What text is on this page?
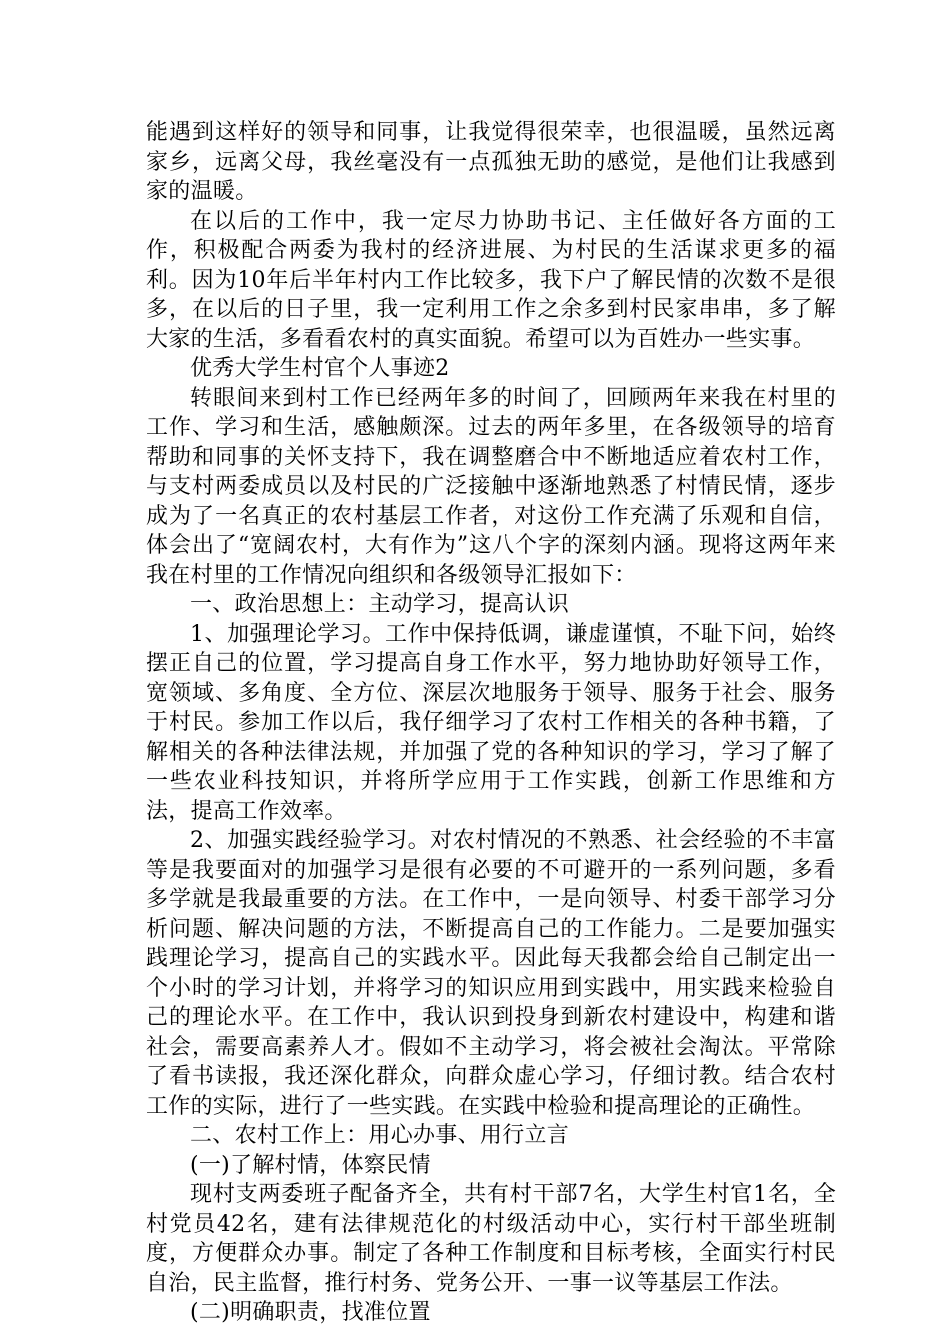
能遇到这样好的领导和同事，让我觉得很荣幸，也很温暖，虽然远离家乡，远离父母，我丝毫没有一点孤独无助的感觉，是他们让我感到家的温暖。

在以后的工作中，我一定尽力协助书记、主任做好各方面的工作，积极配合两委为我村的经济进展、为村民的生活谋求更多的福利。因为10年后半年村内工作比较多，我下户了解民情的次数不是很多，在以后的日子里，我一定利用工作之余多到村民家串串，多了解大家的生活，多看看农村的真实面貌。希望可以为百姓办一些实事。

优秀大学生村官个人事迹2

转眼间来到村工作已经两年多的时间了，回顾两年来我在村里的工作、学习和生活，感触颇深。过去的两年多里，在各级领导的培育帮助和同事的关怀支持下，我在调整磨合中不断地适应着农村工作，与支村两委成员以及村民的广泛接触中逐渐地熟悉了村情民情，逐步成为了一名真正的农村基层工作者，对这份工作充满了乐观和自信，体会出了“宽阔农村，大有作为”这八个字的深刻内涵。现将这两年来我在村里的工作情况向组织和各级领导汇报如下：

一、政治思想上：主动学习，提高认识

1、加强理论学习。工作中保持低调，谦虚谨慎，不耻下问，始终摆正自己的位置，学习提高自身工作水平，努力地协助好领导工作，宽领域、多角度、全方位、深层次地服务于领导、服务于社会、服务于村民。参加工作以后，我仔细学习了农村工作相关的各种书籍，了解相关的各种法律法规，并加强了党的各种知识的学习，学习了解了一些农业科技知识，并将所学应用于工作实践，创新工作思维和方法，提高工作效率。

2、加强实践经验学习。对农村情况的不熟悉、社会经验的不丰富等是我要面对的加强学习是很有必要的不可避开的一系列问题，多看多学就是我最重要的方法。在工作中，一是向领导、村委干部学习分析问题、解决问题的方法，不断提高自己的工作能力。二是要加强实践理论学习，提高自己的实践水平。因此每天我都会给自己制定出一个小时的学习计划，并将学习的知识应用到实践中，用实践来检验自己的理论水平。在工作中，我认识到投身到新农村建设中，构建和谐社会，需要高素养人才。假如不主动学习，将会被社会淘汰。平常除了看书读报，我还深化群众，向群众虚心学习，仔细讨教。结合农村工作的实际，进行了一些实践。在实践中检验和提高理论的正确性。

二、农村工作上：用心办事、用行立言

(一)了解村情，体察民情

现村支两委班子配备齐全，共有村干部7名，大学生村官1名，全村党员42名，建有法律规范化的村级活动中心，实行村干部坐班制度，方便群众办事。制定了各种工作制度和目标考核，全面实行村民自治，民主监督，推行村务、党务公开、一事一议等基层工作法。

(二)明确职责，找准位置
